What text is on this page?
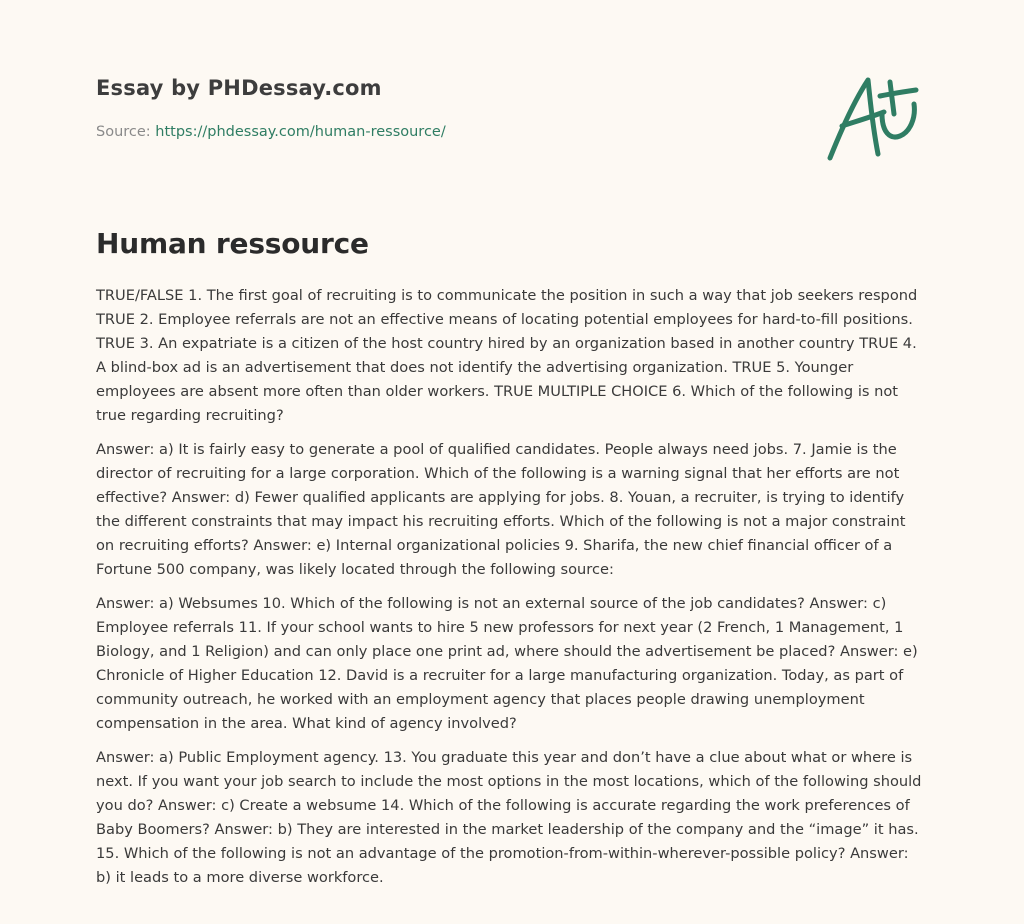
Essay by PHDessay.com
Source: https://phdessay.com/human-ressource/
Human ressource

TRUE/FALSE 1. The first goal of recruiting is to communicate the position in such a way that job seekers respond TRUE 2. Employee referrals are not an effective means of locating potential employees for hard-to-fill positions. TRUE 3. An expatriate is a citizen of the host country hired by an organization based in another country TRUE 4. A blind-box ad is an advertisement that does not identify the advertising organization. TRUE 5. Younger employees are absent more often than older workers. TRUE MULTIPLE CHOICE 6. Which of the following is not true regarding recruiting?

Answer: a) It is fairly easy to generate a pool of qualified candidates. People always need jobs. 7. Jamie is the director of recruiting for a large corporation. Which of the following is a warning signal that her efforts are not effective? Answer: d) Fewer qualified applicants are applying for jobs. 8. Youan, a recruiter, is trying to identify the different constraints that may impact his recruiting efforts. Which of the following is not a major constraint on recruiting efforts? Answer: e) Internal organizational policies 9. Sharifa, the new chief financial officer of a Fortune 500 company, was likely located through the following source:

Answer: a) Websumes 10. Which of the following is not an external source of the job candidates? Answer: c) Employee referrals 11. If your school wants to hire 5 new professors for next year (2 French, 1 Management, 1 Biology, and 1 Religion) and can only place one print ad, where should the advertisement be placed? Answer: e) Chronicle of Higher Education 12. David is a recruiter for a large manufacturing organization. Today, as part of community outreach, he worked with an employment agency that places people drawing unemployment compensation in the area. What kind of agency involved?

Answer: a) Public Employment agency. 13. You graduate this year and don’t have a clue about what or where is next. If you want your job search to include the most options in the most locations, which of the following should you do? Answer: c) Create a websume 14. Which of the following is accurate regarding the work preferences of Baby Boomers? Answer: b) They are interested in the market leadership of the company and the “image” it has. 15. Which of the following is not an advantage of the promotion-from-within-wherever-possible policy? Answer: b) it leads to a more diverse workforce.
